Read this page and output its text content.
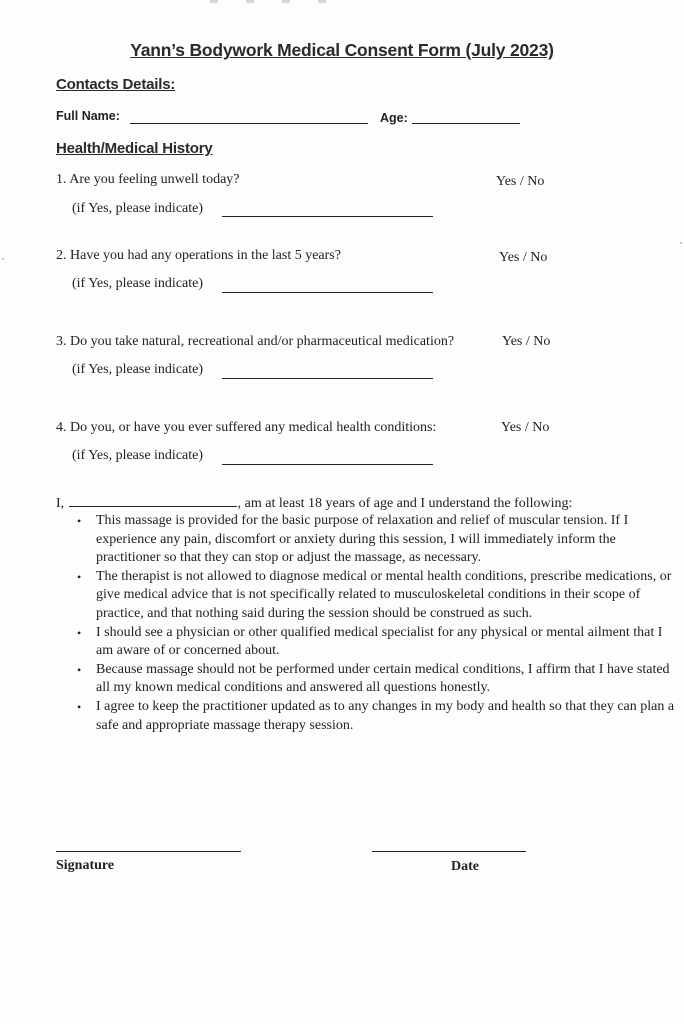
Yann’s Bodywork Medical Consent Form (July 2023)
Contacts Details:
Full Name:	Age:
Health/Medical History
1. Are you feeling unwell today?	Yes / No
(if Yes, please indicate)
2. Have you had any operations in the last 5 years?	Yes / No
(if Yes, please indicate)
3. Do you take natural, recreational and/or pharmaceutical medication?	Yes / No
(if Yes, please indicate)
4. Do you, or have you ever suffered any medical health conditions:	Yes / No
(if Yes, please indicate)
I,	, am at least 18 years of age and I understand the following:
• This massage is provided for the basic purpose of relaxation and relief of muscular tension. If I experience any pain, discomfort or anxiety during this session, I will immediately inform the practitioner so that they can stop or adjust the massage, as necessary.
• The therapist is not allowed to diagnose medical or mental health conditions, prescribe medications, or give medical advice that is not specifically related to musculoskeletal conditions in their scope of practice, and that nothing said during the session should be construed as such.
• I should see a physician or other qualified medical specialist for any physical or mental ailment that I am aware of or concerned about.
• Because massage should not be performed under certain medical conditions, I affirm that I have stated all my known medical conditions and answered all questions honestly.
• I agree to keep the practitioner updated as to any changes in my body and health so that they can plan a safe and appropriate massage therapy session.
Signature	Date
